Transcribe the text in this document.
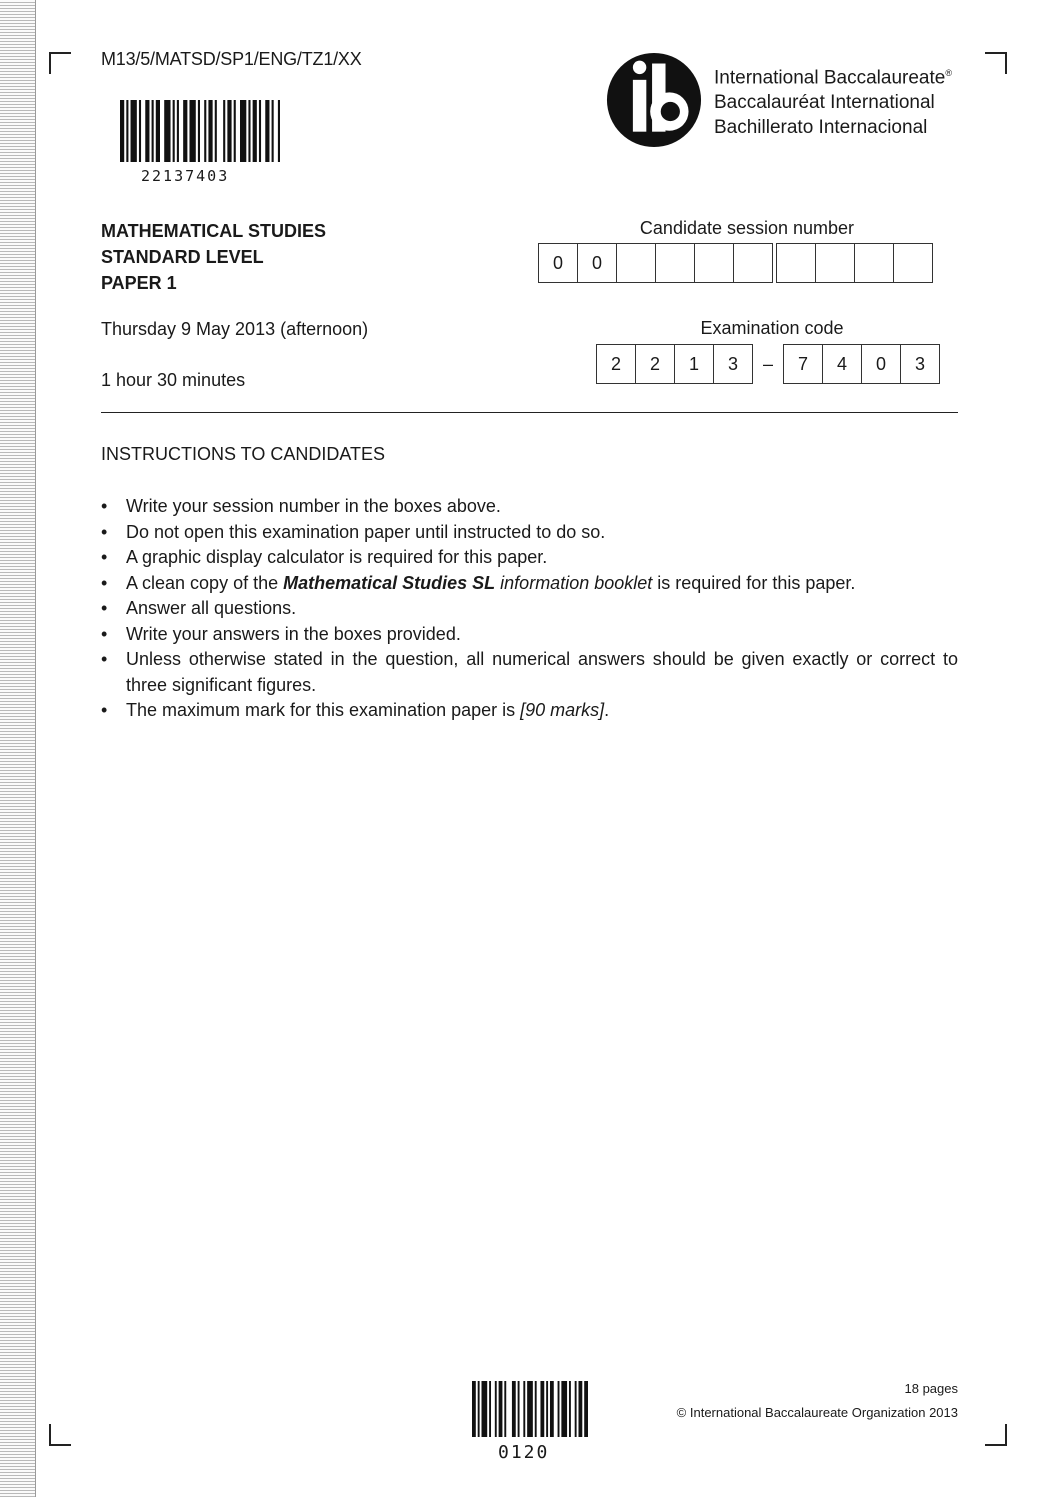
M13/5/MATSD/SP1/ENG/TZ1/XX
22137403
International Baccalaureate®
Baccalauréat International
Bachillerato Internacional
MATHEMATICAL STUDIES
STANDARD LEVEL
PAPER 1
Candidate session number
0	0
Thursday 9 May 2013 (afternoon)
1 hour 30 minutes
Examination code
2	2	1	3	–	7	4	0	3
INSTRUCTIONS TO CANDIDATES
• Write your session number in the boxes above.
• Do not open this examination paper until instructed to do so.
• A graphic display calculator is required for this paper.
• A clean copy of the Mathematical Studies SL information booklet is required for this paper.
• Answer all questions.
• Write your answers in the boxes provided.
• Unless otherwise stated in the question, all numerical answers should be given exactly or correct to three significant figures.
• The maximum mark for this examination paper is [90 marks].
0120
18 pages
© International Baccalaureate Organization 2013
